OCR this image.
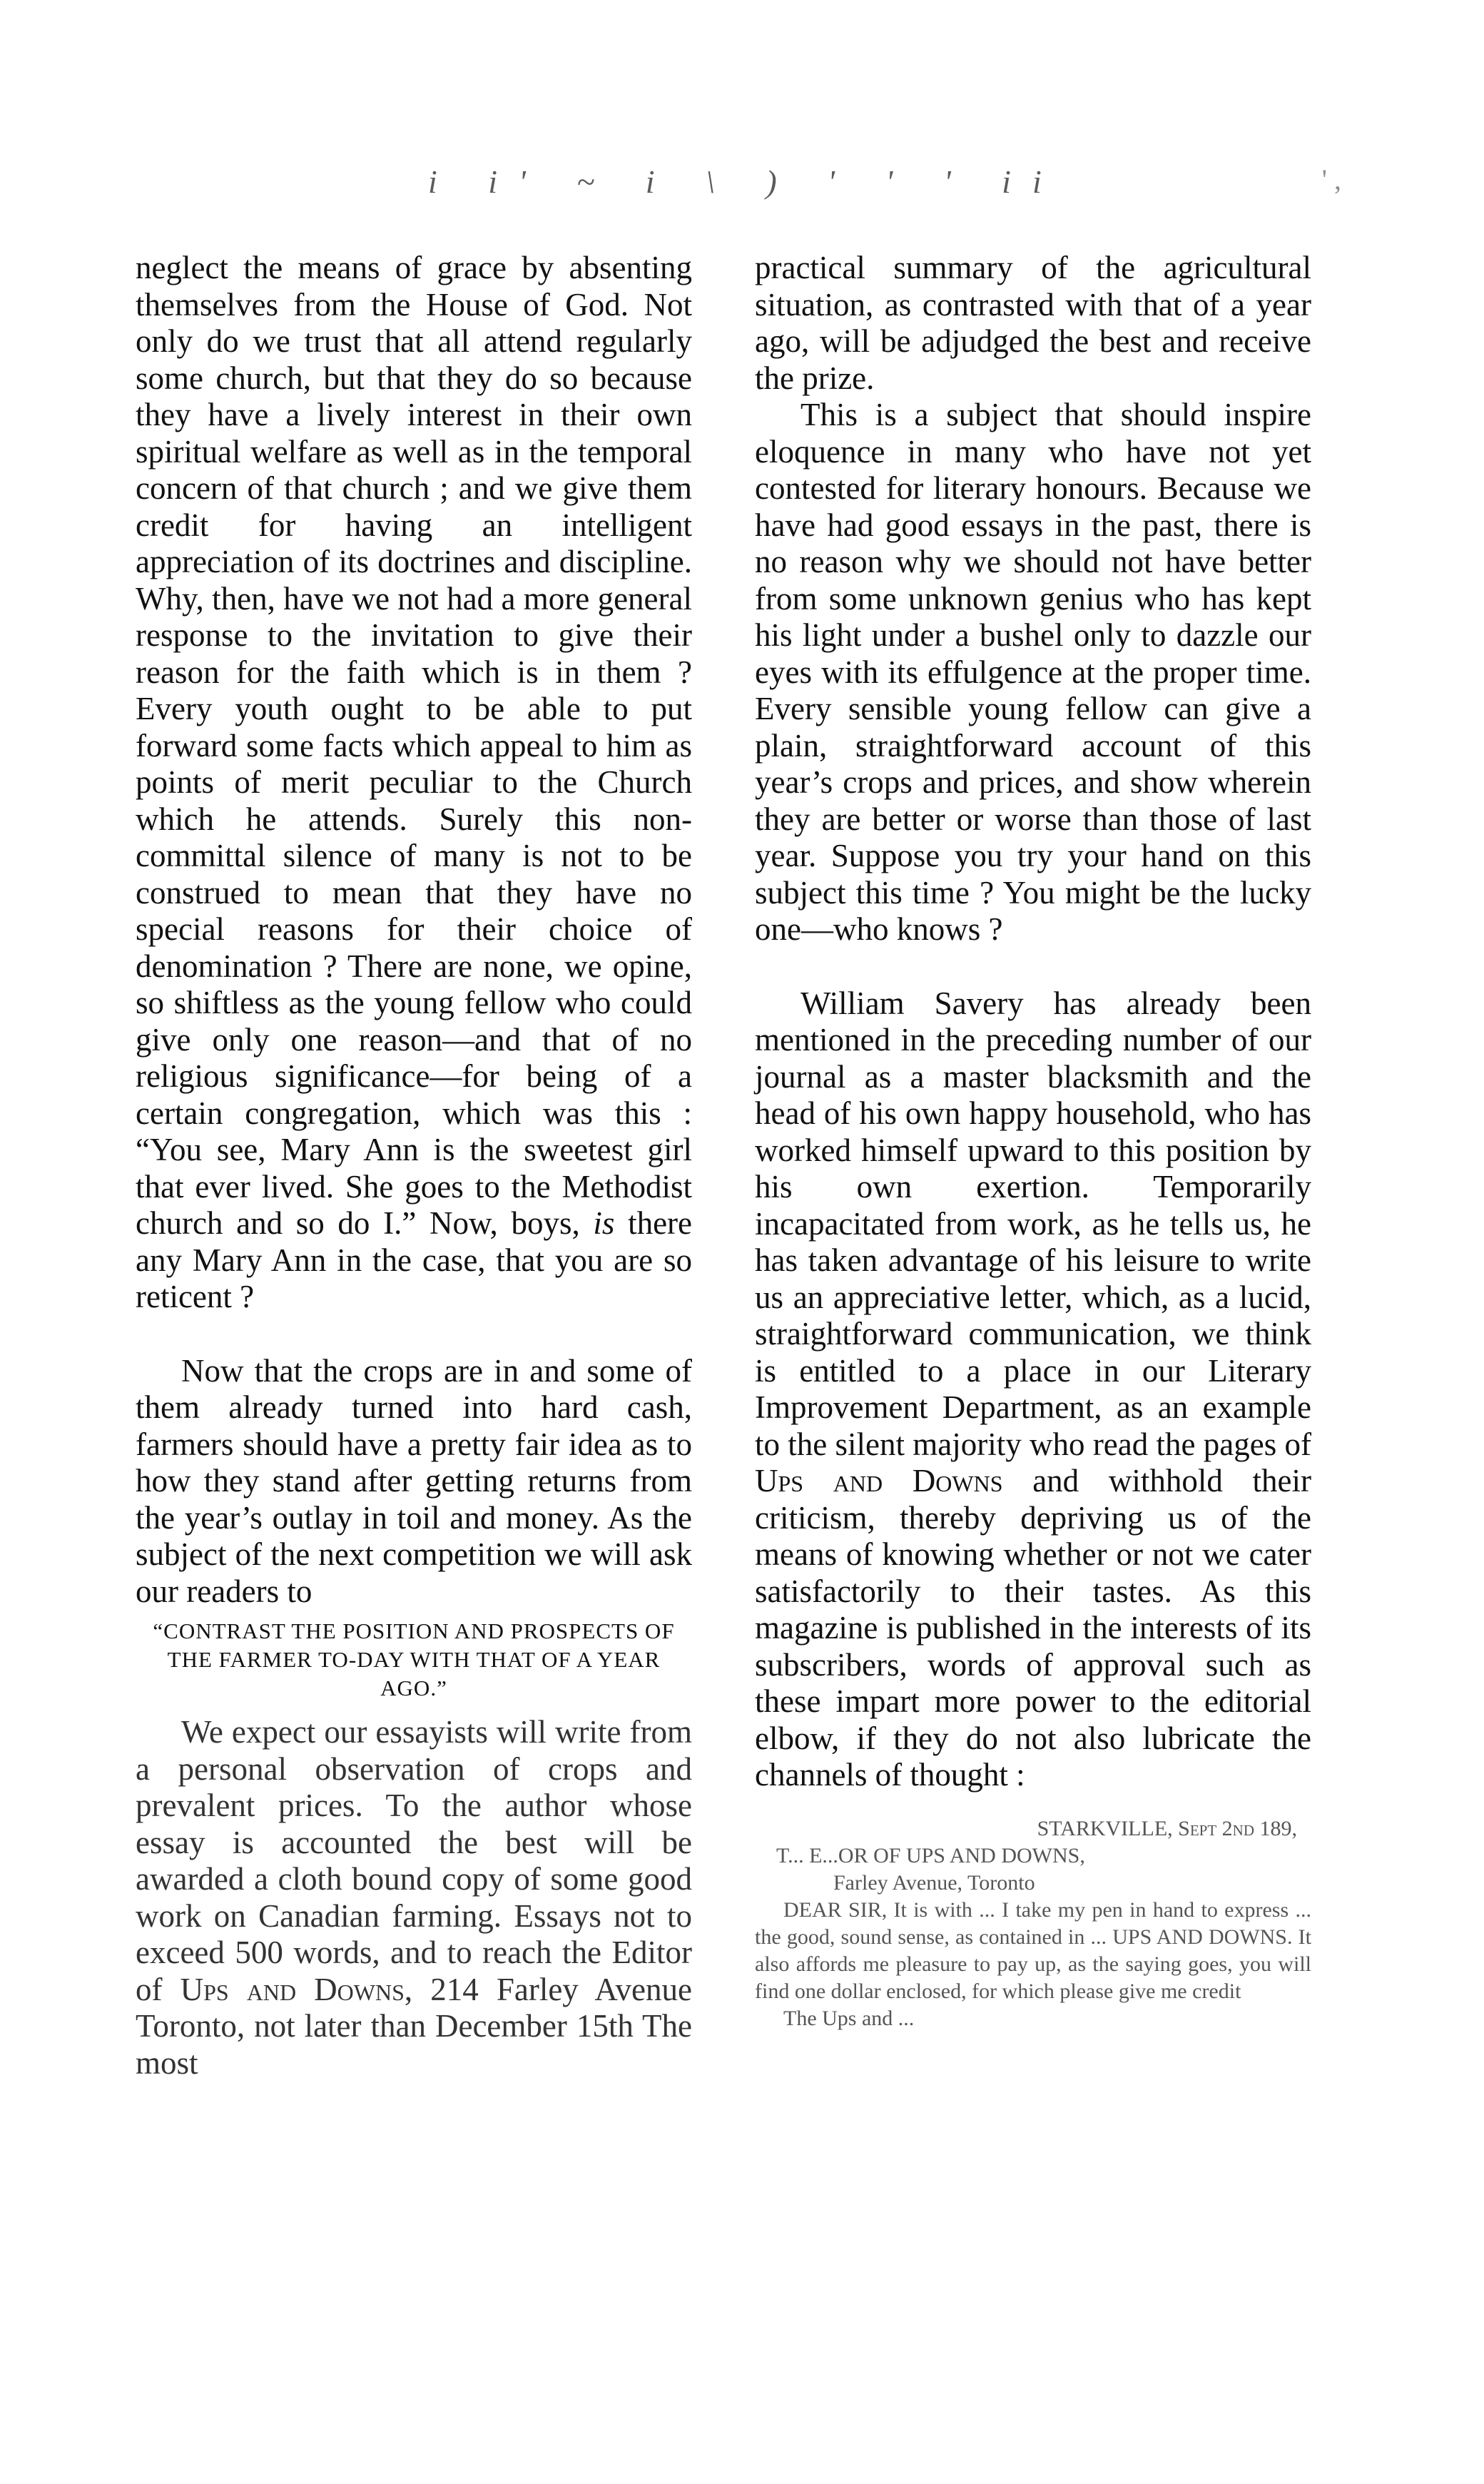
i i' ~ i \ ) ' ' ' ii	' ,

neglect the means of grace by absenting themselves from the House of God. Not only do we trust that all attend regularly some church, but that they do so because they have a lively interest in their own spiritual welfare as well as in the temporal concern of that church ; and we give them credit for having an intelligent appreciation of its doctrines and discipline. Why, then, have we not had a more general response to the invitation to give their reason for the faith which is in them ? Every youth ought to be able to put forward some facts which appeal to him as points of merit peculiar to the Church which he attends. Surely this non-committal silence of many is not to be construed to mean that they have no special reasons for their choice of denomination ? There are none, we opine, so shiftless as the young fellow who could give only one reason—and that of no religious significance—for being of a certain congregation, which was this : “You see, Mary Ann is the sweetest girl that ever lived. She goes to the Methodist church and so do I.” Now, boys, is there any Mary Ann in the case, that you are so reticent ?

Now that the crops are in and some of them already turned into hard cash, farmers should have a pretty fair idea as to how they stand after getting returns from the year’s outlay in toil and money. As the subject of the next competition we will ask our readers to

“CONTRAST THE POSITION AND PROSPECTS OF THE FARMER TO-DAY WITH THAT OF A YEAR AGO.”

We expect our essayists will write from a personal observation of crops and prevalent prices. To the author whose essay is accounted the best will be awarded a cloth bound copy of some good work on Canadian farming. Essays not to exceed 500 words, and to reach the Editor of Ups and Downs, 214 Farley Avenue Toronto, not later than December 15th The most

practical summary of the agricultural situation, as contrasted with that of a year ago, will be adjudged the best and receive the prize.

This is a subject that should inspire eloquence in many who have not yet contested for literary honours. Because we have had good essays in the past, there is no reason why we should not have better from some unknown genius who has kept his light under a bushel only to dazzle our eyes with its effulgence at the proper time. Every sensible young fellow can give a plain, straightforward account of this year’s crops and prices, and show wherein they are better or worse than those of last year. Suppose you try your hand on this subject this time ? You might be the lucky one—who knows ?

William Savery has already been mentioned in the preceding number of our journal as a master blacksmith and the head of his own happy household, who has worked himself upward to this position by his own exertion. Temporarily incapacitated from work, as he tells us, he has taken advantage of his leisure to write us an appreciative letter, which, as a lucid, straightforward communication, we think is entitled to a place in our Literary Improvement Department, as an example to the silent majority who read the pages of Ups and Downs and withhold their criticism, thereby depriving us of the means of knowing whether or not we cater satisfactorily to their tastes. As this magazine is published in the interests of its subscribers, words of approval such as these impart more power to the editorial elbow, if they do not also lubricate the channels of thought :

STARKVILLE, Sept 2nd 189,
T... E...OR OF UPS AND DOWNS,
Farley Avenue, Toronto
DEAR SIR, It is with ... I take my pen in hand to express ... the good, sound sense, as contained in ... UPS AND DOWNS. It also affords me pleasure to pay up, as the saying goes, you will find one dollar enclosed, for which please give me credit
The Ups and ...
